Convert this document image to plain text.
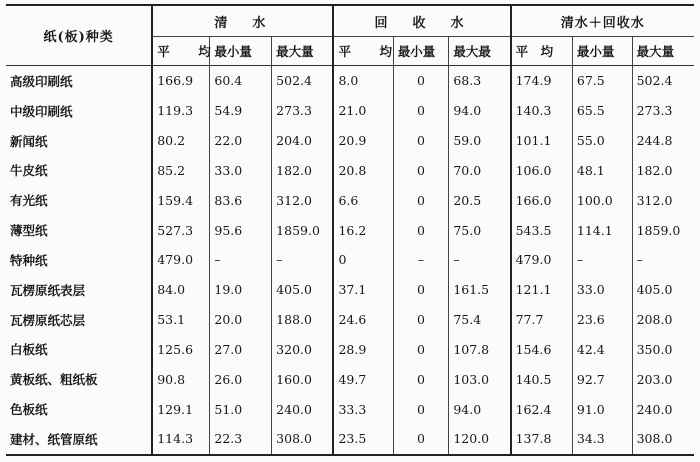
纸(板)种类	清　水			回　收　水			清水＋回收水		
	平　均	最小量	最大量	平　均	最小量	最大最	平　均	最小量	最大量
高级印刷纸	166.9	60.4	502.4	8.0	0	68.3	174.9	67.5	502.4
中级印刷纸	119.3	54.9	273.3	21.0	0	94.0	140.3	65.5	273.3
新闻纸	80.2	22.0	204.0	20.9	0	59.0	101.1	55.0	244.8
牛皮纸	85.2	33.0	182.0	20.8	0	70.0	106.0	48.1	182.0
有光纸	159.4	83.6	312.0	6.6	0	20.5	166.0	100.0	312.0
薄型纸	527.3	95.6	1859.0	16.2	0	75.0	543.5	114.1	1859.0
特种纸	479.0	–	–	0	–	–	479.0	–	–
瓦楞原纸表层	84.0	19.0	405.0	37.1	0	161.5	121.1	33.0	405.0
瓦楞原纸芯层	53.1	20.0	188.0	24.6	0	75.4	77.7	23.6	208.0
白板纸	125.6	27.0	320.0	28.9	0	107.8	154.6	42.4	350.0
黄板纸、粗纸板	90.8	26.0	160.0	49.7	0	103.0	140.5	92.7	203.0
色板纸	129.1	51.0	240.0	33.3	0	94.0	162.4	91.0	240.0
建材、纸管原纸	114.3	22.3	308.0	23.5	0	120.0	137.8	34.3	308.0
